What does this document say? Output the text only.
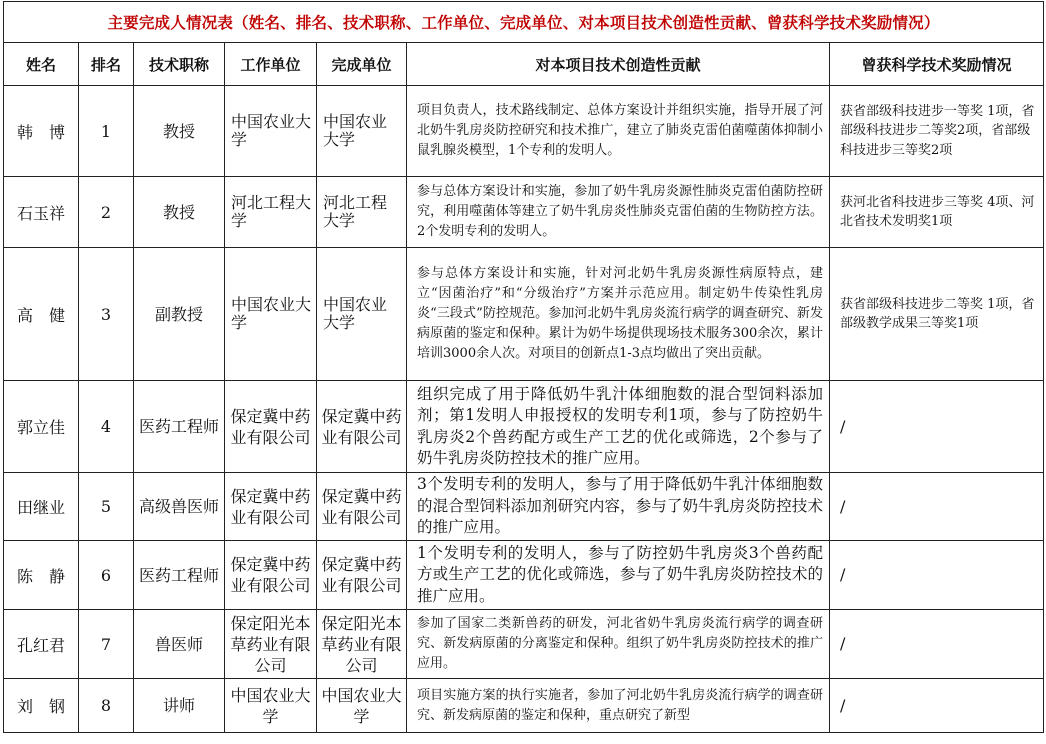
主要完成人情况表（姓名、排名、技术职称、工作单位、完成单位、对本项目技术创造性贡献、曾获科学技术奖励情况）						
姓名	排名	技术职称	工作单位	完成单位	对本项目技术创造性贡献	曾获科学技术奖励情况
韩　博	1	教授	中国农业大学	中国农业大学	项目负责人，技术路线制定、总体方案设计并组织实施，指导开展了河北奶牛乳房炎防控研究和技术推广，建立了肺炎克雷伯菌噬菌体抑制小鼠乳腺炎模型，1个专利的发明人。	获省部级科技进步一等奖 1项，省部级科技进步二等奖2项，省部级科技进步三等奖2项
石玉祥	2	教授	河北工程大学	河北工程大学	参与总体方案设计和实施，参加了奶牛乳房炎源性肺炎克雷伯菌防控研究，利用噬菌体等建立了奶牛乳房炎性肺炎克雷伯菌的生物防控方法。2个发明专利的发明人。	获河北省科技进步三等奖 4项、河北省技术发明奖1项
高　健	3	副教授	中国农业大学	中国农业大学	参与总体方案设计和实施，针对河北奶牛乳房炎源性病原特点，建立“因菌治疗”和“分级治疗”方案并示范应用。制定奶牛传染性乳房炎“三段式”防控规范。参加河北奶牛乳房炎流行病学的调查研究、新发病原菌的鉴定和保种。累计为奶牛场提供现场技术服务300余次，累计培训3000余人次。对项目的创新点1-3点均做出了突出贡献。	获省部级科技进步二等奖 1项，省部级教学成果三等奖1项
郭立佳	4	医药工程师	保定冀中药业有限公司	保定冀中药业有限公司	组织完成了用于降低奶牛乳汁体细胞数的混合型饲料添加剂；第1发明人申报授权的发明专利1项，参与了防控奶牛乳房炎2个兽药配方或生产工艺的优化或筛选，2个参与了奶牛乳房炎防控技术的推广应用。	/
田继业	5	高级兽医师	保定冀中药业有限公司	保定冀中药业有限公司	3个发明专利的发明人，参与了用于降低奶牛乳汁体细胞数的混合型饲料添加剂研究内容，参与了奶牛乳房炎防控技术的推广应用。	/
陈　静	6	医药工程师	保定冀中药业有限公司	保定冀中药业有限公司	1个发明专利的发明人，参与了防控奶牛乳房炎3个兽药配方或生产工艺的优化或筛选，参与了奶牛乳房炎防控技术的推广应用。	/
孔红君	7	兽医师	保定阳光本草药业有限公司	保定阳光本草药业有限公司	参加了国家二类新兽药的研发，河北省奶牛乳房炎流行病学的调查研究、新发病原菌的分离鉴定和保种。组织了奶牛乳房炎防控技术的推广应用。	/
刘　钢	8	讲师	中国农业大学	中国农业大学	项目实施方案的执行实施者，参加了河北奶牛乳房炎流行病学的调查研究、新发病原菌的鉴定和保种，重点研究了新型	/
